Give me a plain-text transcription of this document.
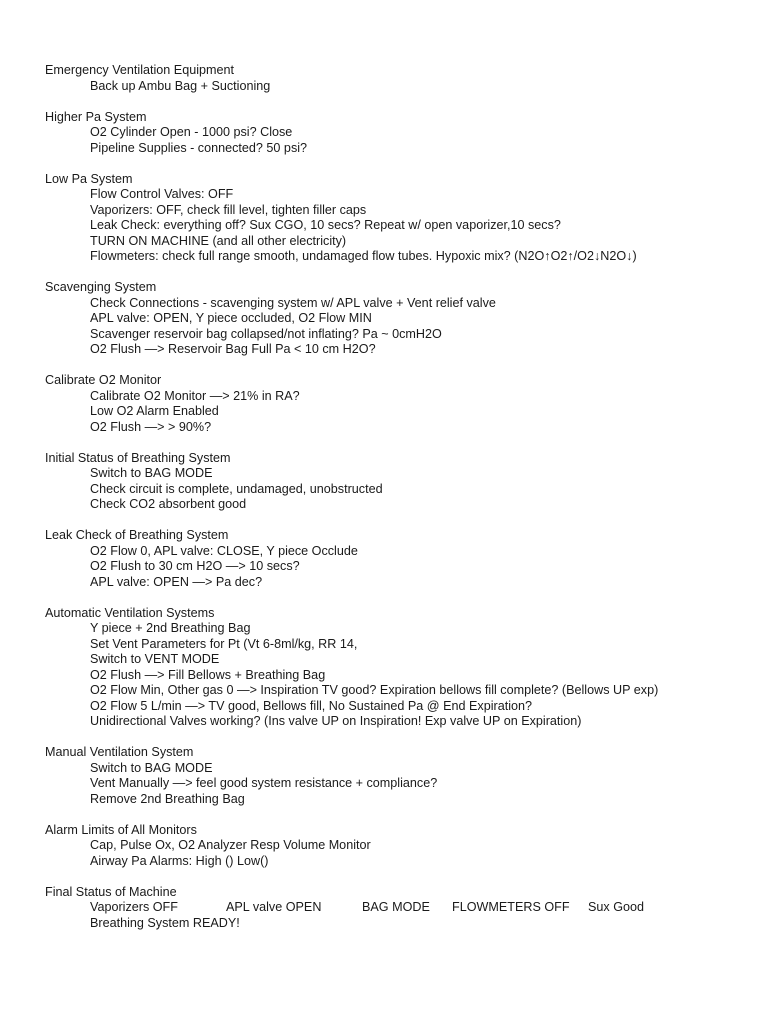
Emergency Ventilation Equipment
Back up Ambu Bag + Suctioning
Higher Pa System
O2 Cylinder Open - 1000 psi? Close
Pipeline Supplies - connected? 50 psi?
Low Pa System
Flow Control Valves: OFF
Vaporizers: OFF, check fill level, tighten filler caps
Leak Check: everything off? Sux CGO, 10 secs? Repeat w/ open vaporizer,10 secs?
TURN ON MACHINE (and all other electricity)
Flowmeters: check full range smooth, undamaged flow tubes. Hypoxic mix? (N2O↑O2↑/O2↓N2O↓)
Scavenging System
Check Connections - scavenging system w/ APL valve + Vent relief valve
APL valve: OPEN, Y piece occluded, O2 Flow MIN
Scavenger reservoir bag collapsed/not inflating? Pa ~ 0cmH2O
O2 Flush —> Reservoir Bag Full Pa < 10 cm H2O?
Calibrate O2 Monitor
Calibrate O2 Monitor —> 21% in RA?
Low O2 Alarm Enabled
O2 Flush —> > 90%?
Initial Status of Breathing System
Switch to BAG MODE
Check circuit is complete, undamaged, unobstructed
Check CO2 absorbent good
Leak Check of Breathing System
O2 Flow 0, APL valve: CLOSE, Y piece Occlude
O2 Flush to 30 cm H2O —> 10 secs?
APL valve: OPEN —> Pa dec?
Automatic Ventilation Systems
Y piece + 2nd Breathing Bag
Set Vent Parameters for Pt (Vt 6-8ml/kg, RR 14,
Switch to VENT MODE
O2 Flush —> Fill Bellows + Breathing Bag
O2 Flow Min, Other gas 0 —> Inspiration TV good? Expiration bellows fill complete? (Bellows UP exp)
O2 Flow 5 L/min —> TV good, Bellows fill, No Sustained Pa @ End Expiration?
Unidirectional Valves working? (Ins valve UP on Inspiration! Exp valve UP on Expiration)
Manual Ventilation System
Switch to BAG MODE
Vent Manually —> feel good system resistance + compliance?
Remove 2nd Breathing Bag
Alarm Limits of All Monitors
Cap, Pulse Ox, O2 Analyzer Resp Volume Monitor
Airway Pa Alarms: High () Low()
Final Status of Machine
Vaporizers OFF	APL valve OPEN	BAG MODE	FLOWMETERS OFF	Sux Good
Breathing System READY!
